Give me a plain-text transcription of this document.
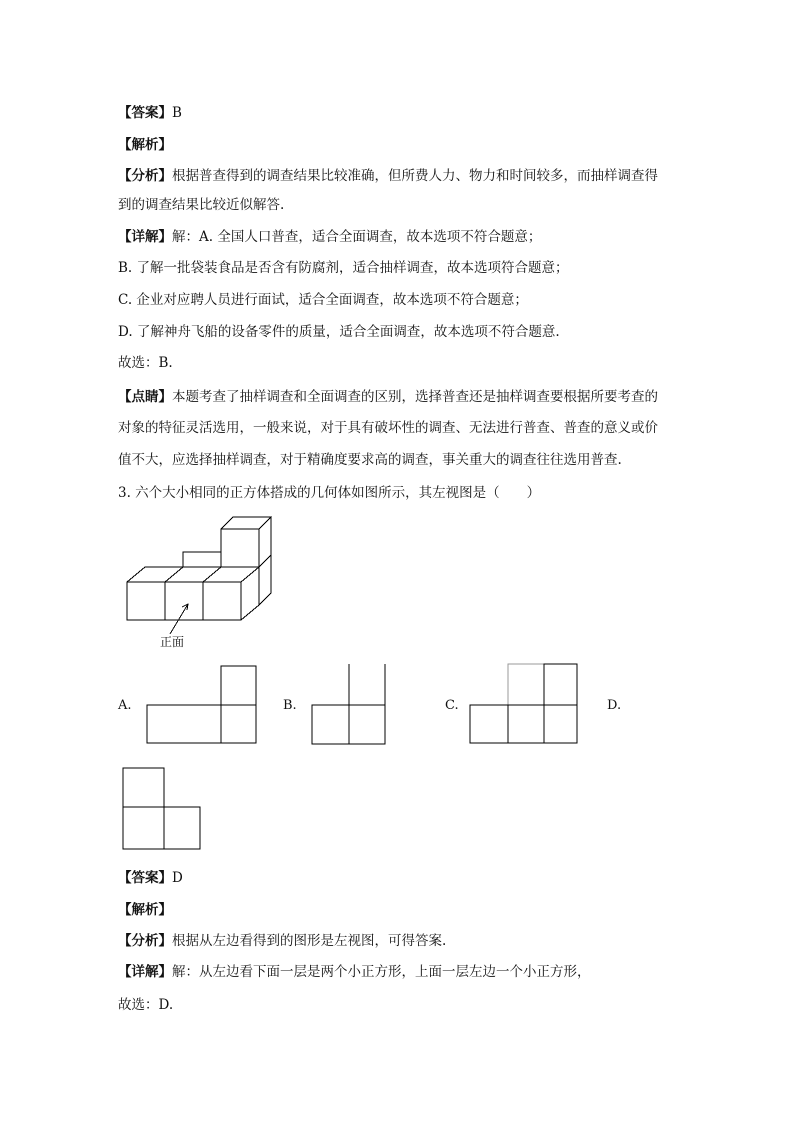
【答案】B
【解析】
【分析】根据普查得到的调查结果比较准确，但所费人力、物力和时间较多，而抽样调查得
到的调查结果比较近似解答.
【详解】解：A. 全国人口普查，适合全面调查，故本选项不符合题意；
B. 了解一批袋装食品是否含有防腐剂，适合抽样调查，故本选项符合题意；
C. 企业对应聘人员进行面试，适合全面调查，故本选项不符合题意；
D. 了解神舟飞船的设备零件的质量，适合全面调查，故本选项不符合题意.
故选：B.
【点睛】本题考查了抽样调查和全面调查的区别，选择普查还是抽样调查要根据所要考查的
对象的特征灵活选用，一般来说，对于具有破坏性的调查、无法进行普查、普查的意义或价
值不大，应选择抽样调查，对于精确度要求高的调查，事关重大的调查往往选用普查.
3. 六个大小相同的正方体搭成的几何体如图所示，其左视图是（　　）
正面
A.	B.	C.	D.
【答案】D
【解析】
【分析】根据从左边看得到的图形是左视图，可得答案.
【详解】解：从左边看下面一层是两个小正方形，上面一层左边一个小正方形，
故选：D.
